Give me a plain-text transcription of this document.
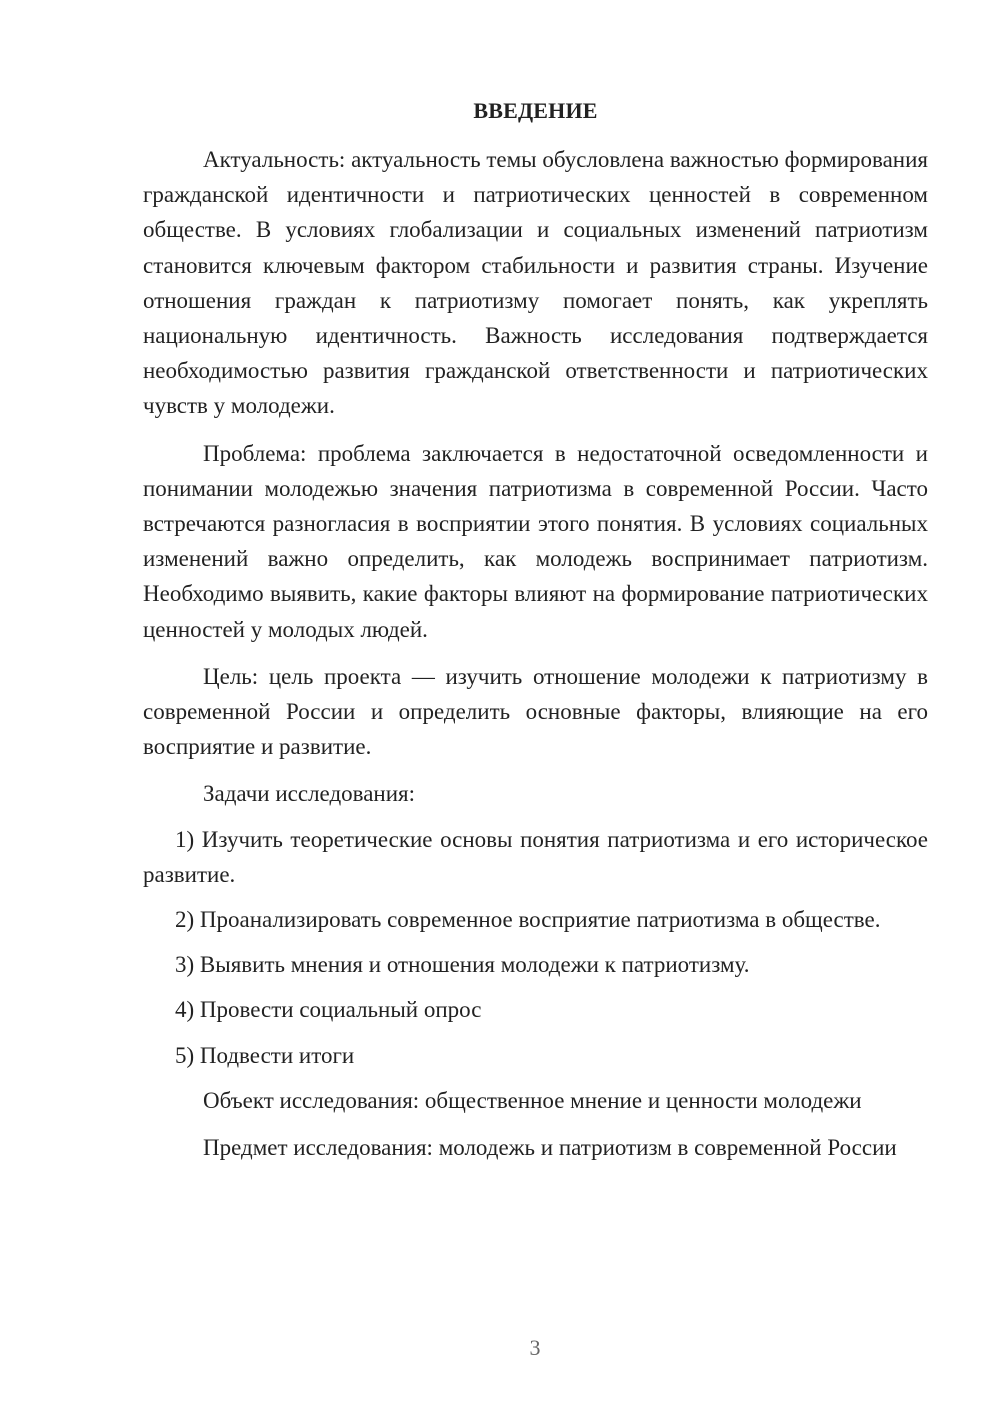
ВВЕДЕНИЕ

Актуальность: актуальность темы обусловлена важностью формирования гражданской идентичности и патриотических ценностей в современном обществе. В условиях глобализации и социальных изменений патриотизм становится ключевым фактором стабильности и развития страны. Изучение отношения граждан к патриотизму помогает понять, как укреплять национальную идентичность. Важность исследования подтверждается необходимостью развития гражданской ответственности и патриотических чувств у молодежи.

Проблема: проблема заключается в недостаточной осведомленности и понимании молодежью значения патриотизма в современной России. Часто встречаются разногласия в восприятии этого понятия. В условиях социальных изменений важно определить, как молодежь воспринимает патриотизм. Необходимо выявить, какие факторы влияют на формирование патриотических ценностей у молодых людей.

Цель: цель проекта — изучить отношение молодежи к патриотизму в современной России и определить основные факторы, влияющие на его восприятие и развитие.

Задачи исследования:

1) Изучить теоретические основы понятия патриотизма и его историческое развитие.

2) Проанализировать современное восприятие патриотизма в обществе.

3) Выявить мнения и отношения молодежи к патриотизму.

4) Провести социальный опрос

5) Подвести итоги

Объект исследования: общественное мнение и ценности молодежи

Предмет исследования: молодежь и патриотизм в современной России

3
